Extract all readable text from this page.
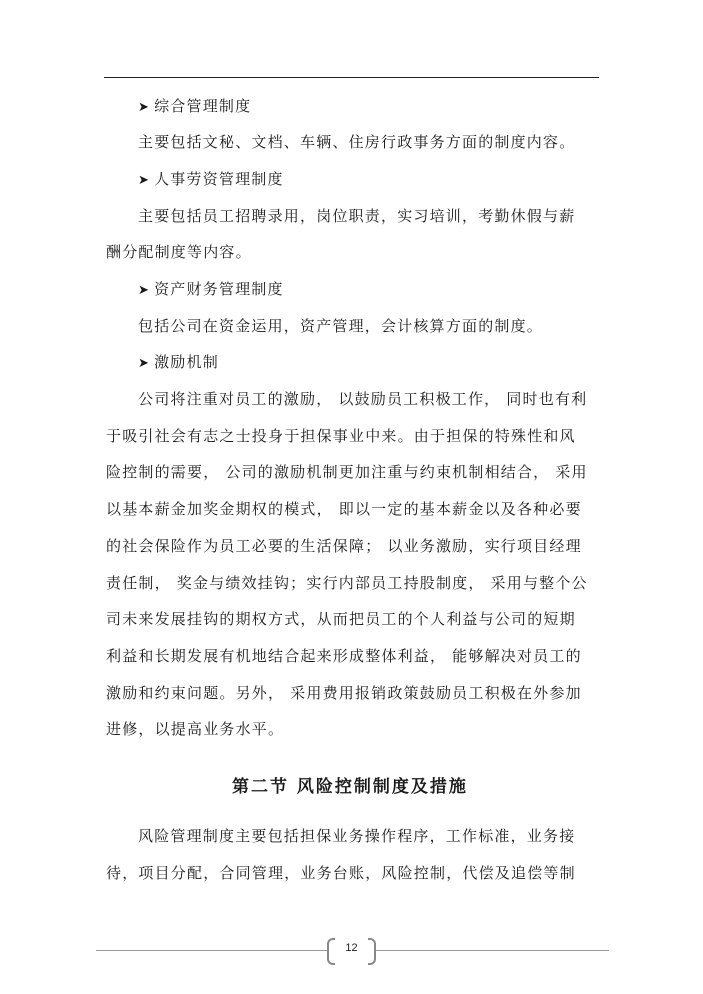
➤ 综合管理制度
主要包括文秘、文档、车辆、住房行政事务方面的制度内容。
➤ 人事劳资管理制度
主要包括员工招聘录用，岗位职责，实习培训，考勤休假与薪
酬分配制度等内容。
➤ 资产财务管理制度
包括公司在资金运用，资产管理，会计核算方面的制度。
➤ 激励机制
公司将注重对员工的激励， 以鼓励员工积极工作， 同时也有利
于吸引社会有志之士投身于担保事业中来。由于担保的特殊性和风
险控制的需要， 公司的激励机制更加注重与约束机制相结合， 采用
以基本薪金加奖金期权的模式， 即以一定的基本薪金以及各种必要
的社会保险作为员工必要的生活保障； 以业务激励，实行项目经理
责任制， 奖金与绩效挂钩；实行内部员工持股制度， 采用与整个公
司未来发展挂钩的期权方式，从而把员工的个人利益与公司的短期
利益和长期发展有机地结合起来形成整体利益， 能够解决对员工的
激励和约束问题。另外， 采用费用报销政策鼓励员工积极在外参加
进修，以提高业务水平。
第二节 风险控制制度及措施
风险管理制度主要包括担保业务操作程序，工作标准，业务接
待，项目分配，合同管理，业务台账，风险控制，代偿及追偿等制
12
